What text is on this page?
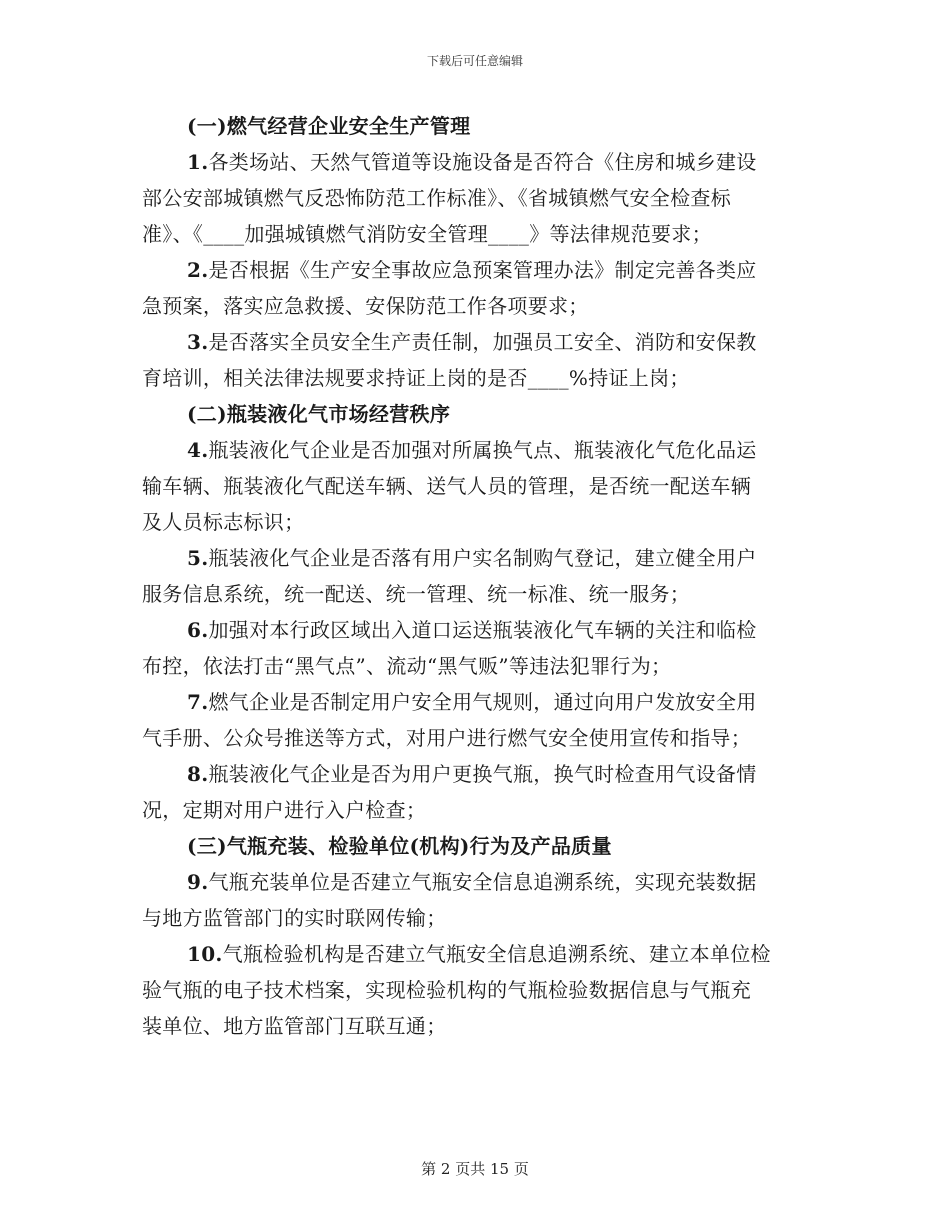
下载后可任意编辑
(一)燃气经营企业安全生产管理
1.各类场站、天然气管道等设施设备是否符合《住房和城乡建设
部公安部城镇燃气反恐怖防范工作标准》、《省城镇燃气安全检查标
准》、《____加强城镇燃气消防安全管理____》等法律规范要求；
2.是否根据《生产安全事故应急预案管理办法》制定完善各类应
急预案，落实应急救援、安保防范工作各项要求；
3.是否落实全员安全生产责任制，加强员工安全、消防和安保教
育培训，相关法律法规要求持证上岗的是否____%持证上岗；
(二)瓶装液化气市场经营秩序
4.瓶装液化气企业是否加强对所属换气点、瓶装液化气危化品运
输车辆、瓶装液化气配送车辆、送气人员的管理，是否统一配送车辆
及人员标志标识；
5.瓶装液化气企业是否落有用户实名制购气登记，建立健全用户
服务信息系统，统一配送、统一管理、统一标准、统一服务；
6.加强对本行政区域出入道口运送瓶装液化气车辆的关注和临检
布控，依法打击“黑气点”、流动“黑气贩”等违法犯罪行为；
7.燃气企业是否制定用户安全用气规则，通过向用户发放安全用
气手册、公众号推送等方式，对用户进行燃气安全使用宣传和指导；
8.瓶装液化气企业是否为用户更换气瓶，换气时检查用气设备情
况，定期对用户进行入户检查；
(三)气瓶充装、检验单位(机构)行为及产品质量
9.气瓶充装单位是否建立气瓶安全信息追溯系统，实现充装数据
与地方监管部门的实时联网传输；
10.气瓶检验机构是否建立气瓶安全信息追溯系统、建立本单位检
验气瓶的电子技术档案，实现检验机构的气瓶检验数据信息与气瓶充
装单位、地方监管部门互联互通；
第 2 页共 15 页
